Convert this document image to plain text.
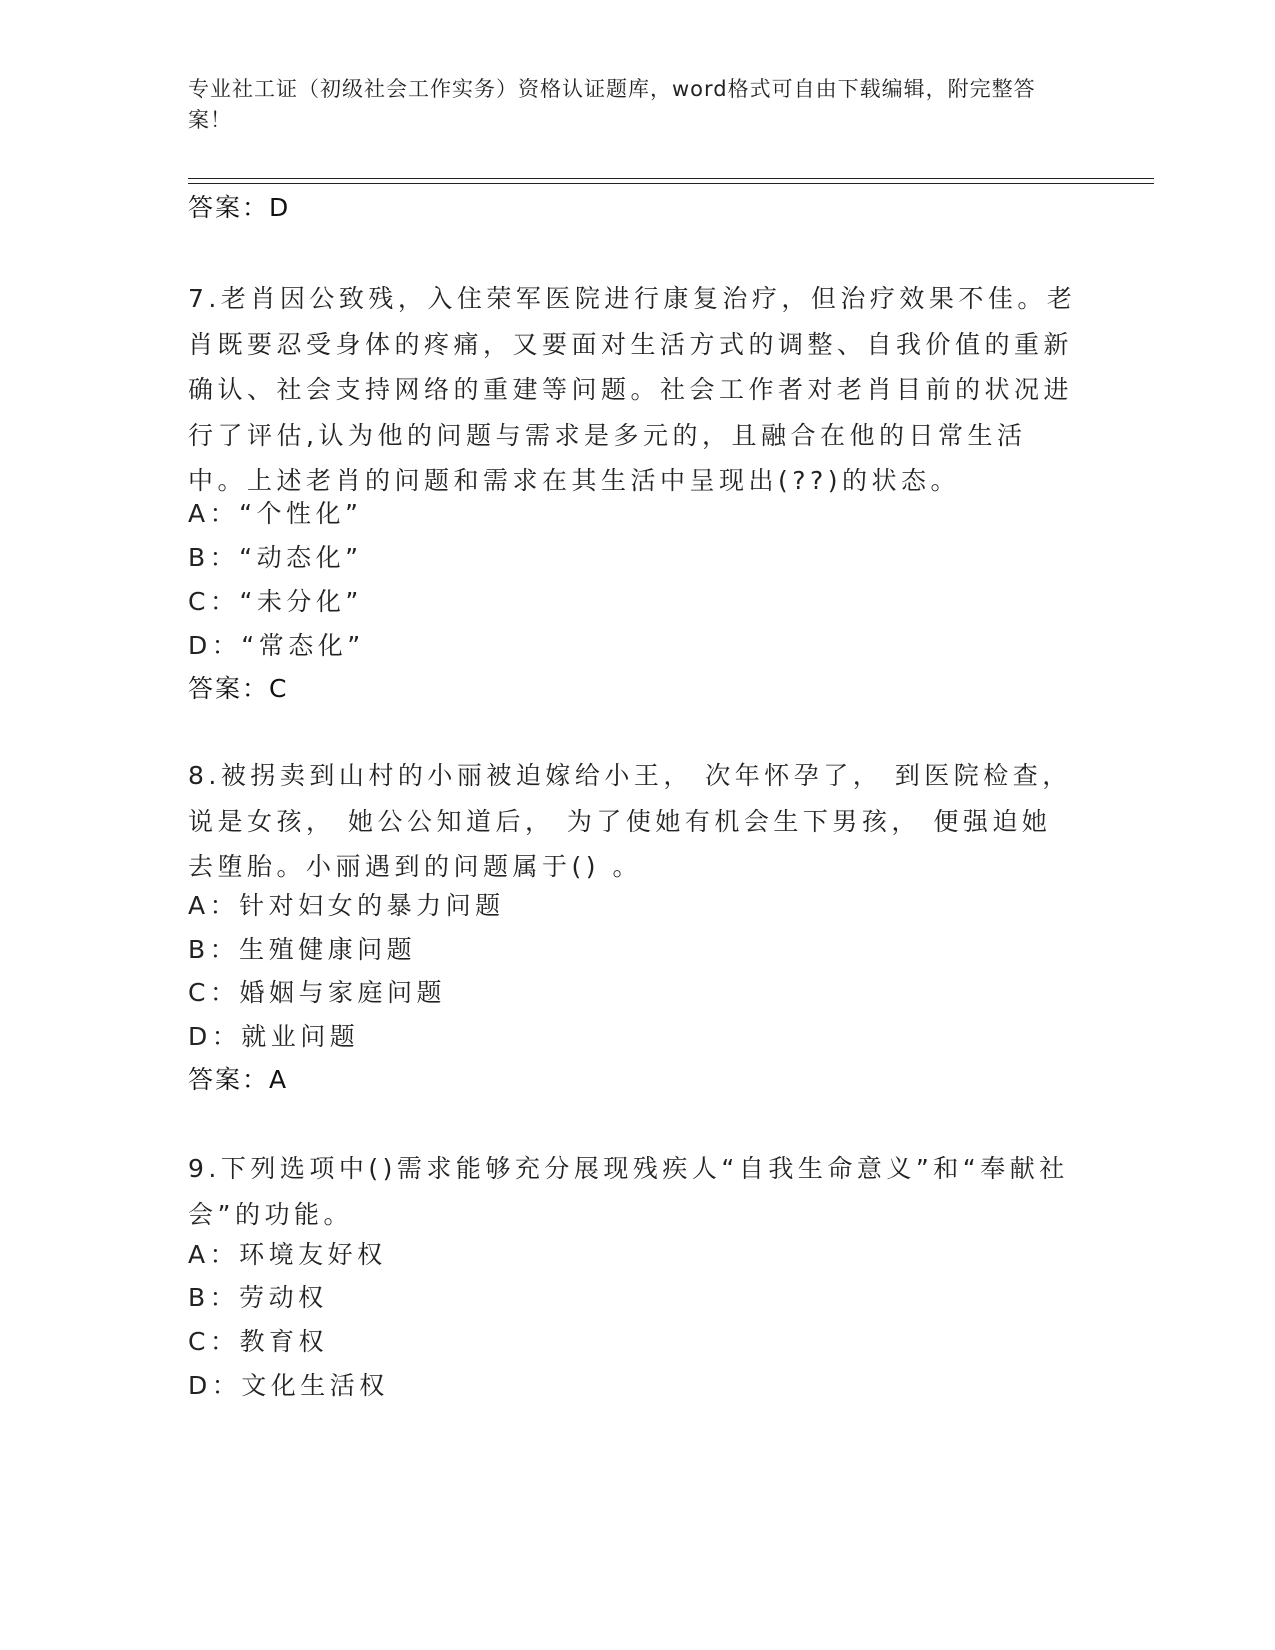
专业社工证（初级社会工作实务）资格认证题库，word格式可自由下载编辑，附完整答案！
答案：D
7.老肖因公致残，入住荣军医院进行康复治疗，但治疗效果不佳。老肖既要忍受身体的疼痛，又要面对生活方式的调整、自我价值的重新确认、社会支持网络的重建等问题。社会工作者对老肖目前的状况进行了评估,认为他的问题与需求是多元的，且融合在他的日常生活中。上述老肖的问题和需求在其生活中呈现出(??)的状态。
A：“个性化”
B：“动态化”
C：“未分化”
D：“常态化”
答案：C
8.被拐卖到山村的小丽被迫嫁给小王， 次年怀孕了， 到医院检查，说是女孩， 她公公知道后， 为了使她有机会生下男孩， 便强迫她去堕胎。小丽遇到的问题属于() 。
A：针对妇女的暴力问题
B：生殖健康问题
C：婚姻与家庭问题
D：就业问题
答案：A
9.下列选项中()需求能够充分展现残疾人“自我生命意义”和“奉献社会”的功能。
A：环境友好权
B：劳动权
C：教育权
D：文化生活权
